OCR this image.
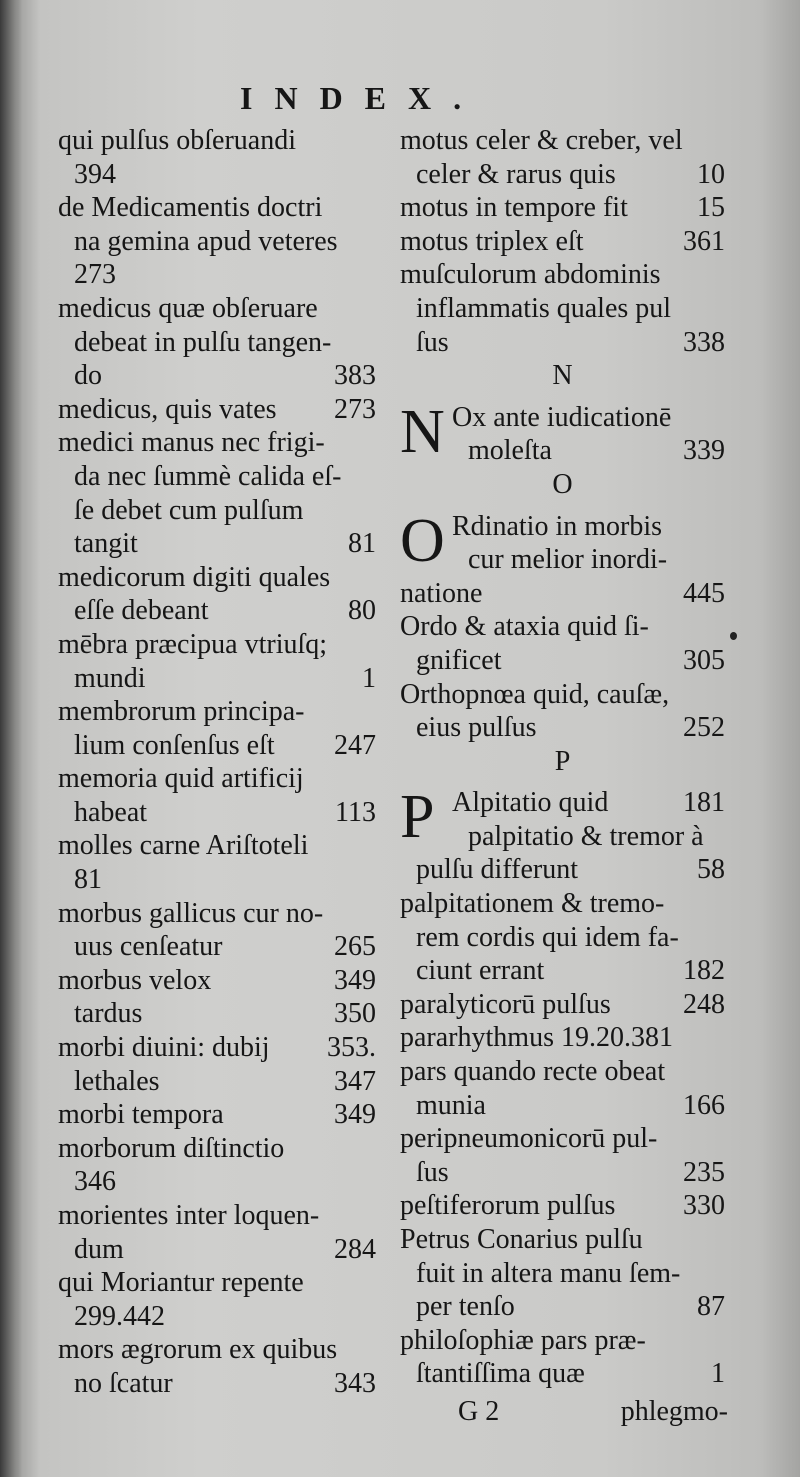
INDEX.
qui pulſus obſeruandi
394
de Medicamentis doctri
na gemina apud veteres
273
medicus quæ obſeruare
debeat in pulſu tangen-
do	383
medicus, quis vates 273
medici manus nec frigi-
da nec ſummè calida eſ-
ſe debet cum pulſum
tangit	81
medicorum digiti quales
eſſe debeant	80
mēbra præcipua vtriuſq;
mundi	1
membrorum principa-
lium conſenſus eſt 247
memoria quid artificij
habeat	113
molles carne Ariſtoteli
81
morbus gallicus cur no-
uus cenſeatur	265
morbus velox	349
tardus	350
morbi diuini: dubij 353.
lethales	347
morbi tempora	349
morborum diſtinctio
346
morientes inter loquen-
dum	284
qui Moriantur repente
299.442
mors ægrorum ex quibus
no ſcatur	343
motus celer & creber, vel
celer & rarus quis	10
motus in tempore fit 15
motus triplex eſt	361
muſculorum abdominis
inflammatis quales pul
ſus	338
N
N Ox ante iudicationē
moleſta	339
O
O Rdinatio in morbis
cur melior inordi-
natione	445
Ordo & ataxia quid ſi-
gnificet	305
Orthopnœa quid, cauſæ,
eius pulſus	252
P
P Alpitatio quid	181
palpitatio & tremor à
pulſu differunt	58
palpitationem & tremo-
rem cordis qui idem fa-
ciunt errant	182
paralyticorū pulſus	248
pararhythmus 19.20.381
pars quando recte obeat
munia	166
peripneumonicorū pul-
ſus	235
peſtiferorum pulſus 330
Petrus Conarius pulſu
fuit in altera manu ſem-
per tenſo	87
philoſophiæ pars præ-
ſtantiſſima quæ	1
G 2	phlegmo-
